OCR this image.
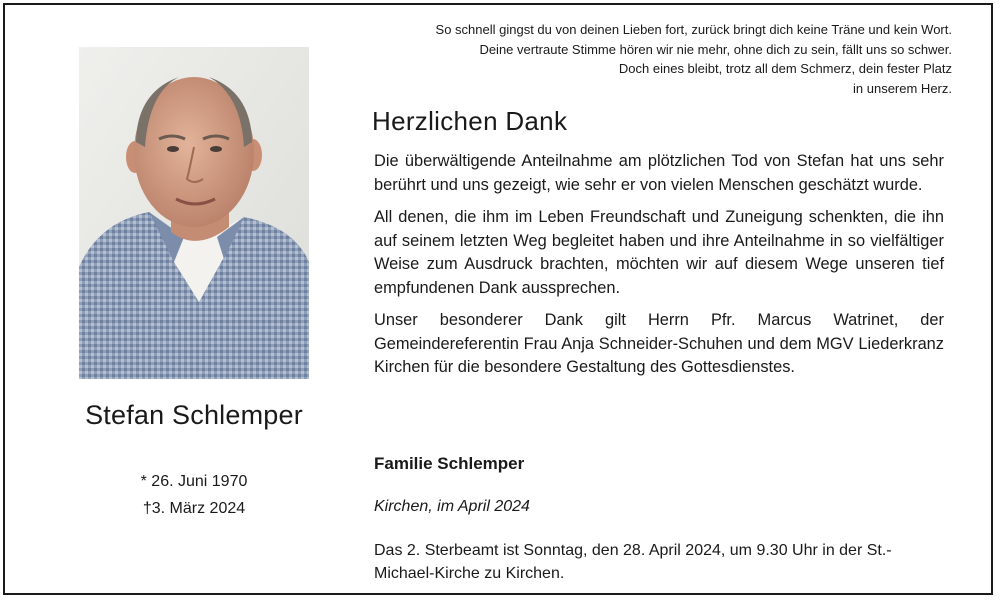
So schnell gingst du von deinen Lieben fort, zurück bringt dich keine Träne und kein Wort.
Deine vertraute Stimme hören wir nie mehr, ohne dich zu sein, fällt uns so schwer.
Doch eines bleibt, trotz all dem Schmerz, dein fester Platz
in unserem Herz.
Stefan Schlemper
* 26. Juni 1970
†3. März 2024
Herzlichen Dank

Die überwältigende Anteilnahme am plötzlichen Tod von Stefan hat uns sehr berührt und uns gezeigt, wie sehr er von vielen Menschen geschätzt wurde.

All denen, die ihm im Leben Freundschaft und Zuneigung schenkten, die ihn auf seinem letzten Weg begleitet haben und ihre Anteilnahme in so vielfältiger Weise zum Ausdruck brachten, möchten wir auf diesem Wege unseren tief empfundenen Dank aussprechen.

Unser besonderer Dank gilt Herrn Pfr. Marcus Watrinet, der Gemeindereferentin Frau Anja Schneider-Schuhen und dem MGV Liederkranz Kirchen für die besondere Gestaltung des Gottesdienstes.

Familie Schlemper
Kirchen, im April 2024
Das 2. Sterbeamt ist Sonntag, den 28. April 2024, um 9.30 Uhr in der St.-Michael-Kirche zu Kirchen.
